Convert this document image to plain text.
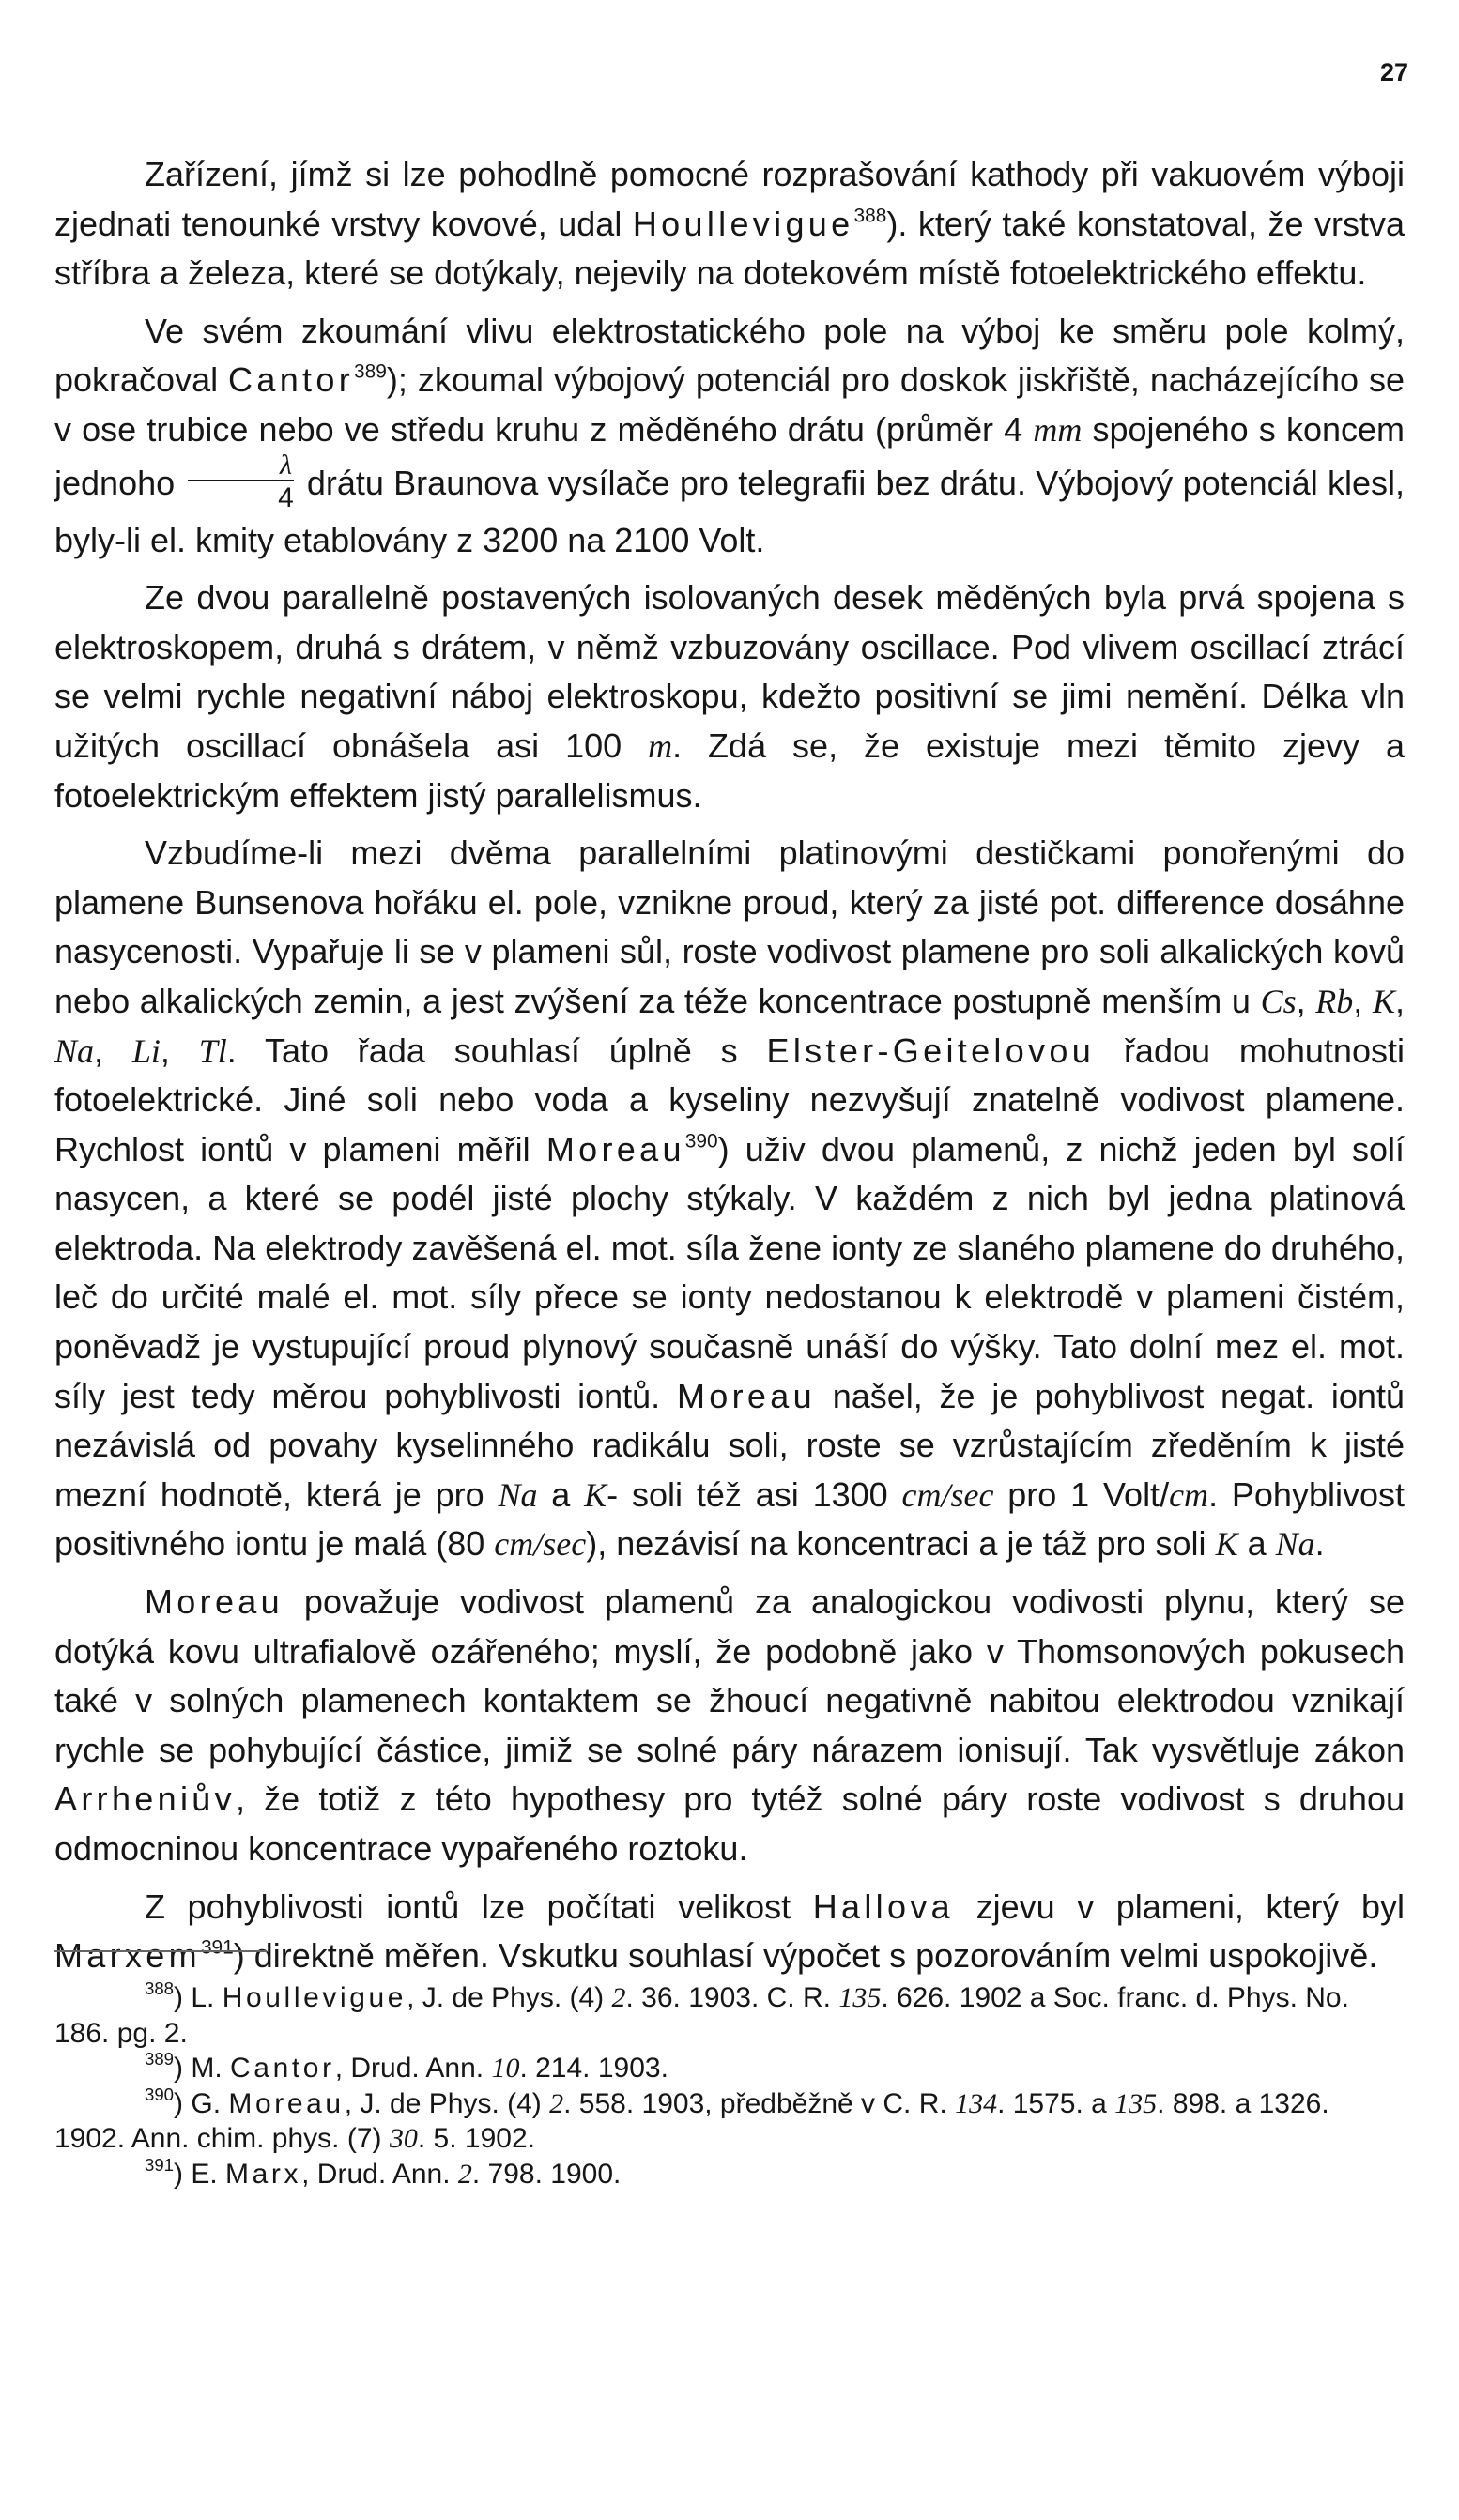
27

Zařízení, jímž si lze pohodlně pomocné rozprašování kathody při vakuovém výboji zjednati tenounké vrstvy kovové, udal Houllevigue$^{388}$). který také konstatoval, že vrstva stříbra a železa, které se dotýkaly, nejevily na dotekovém místě fotoelektrického effektu.

Ve svém zkoumání vlivu elektrostatického pole na výboj ke směru pole kolmý, pokračoval Cantor$^{389}$); zkoumal výbojový potenciál pro doskok jiskřiště, nacházejícího se v ose trubice nebo ve středu kruhu z měděného drátu (průměr 4 mm spojeného s koncem jednoho $\frac{\lambda}{4}$ drátu Braunova vysílače pro telegrafii bez drátu. Výbojový potenciál klesl, byly-li el. kmity etablovány z 3200 na 2100 Volt.

Ze dvou parallelně postavených isolovaných desek měděných byla prvá spojena s elektroskopem, druhá s drátem, v němž vzbuzovány oscillace. Pod vlivem oscillací ztrácí se velmi rychle negativní náboj elektroskopu, kdežto positivní se jimi nemění. Délka vln užitých oscillací obnášela asi 100 m. Zdá se, že existuje mezi těmito zjevy a fotoelektrickým effektem jistý parallelismus.

Vzbudíme-li mezi dvěma parallelními platinovými destičkami ponořenými do plamene Bunsenova hořáku el. pole, vznikne proud, který za jisté pot. difference dosáhne nasycenosti. Vypařuje li se v plameni sůl, roste vodivost plamene pro soli alkalických kovů nebo alkalických zemin, a jest zvýšení za téže koncentrace postupně menším u Cs, Rb, K, Na, Li, Tl. Tato řada souhlasí úplně s Elster-Geitelovou řadou mohutnosti fotoelektrické. Jiné soli nebo voda a kyseliny nezvyšují znatelně vodivost plamene. Rychlost iontů v plameni měřil Moreau$^{390}$) uživ dvou plamenů, z nichž jeden byl solí nasycen, a které se podél jisté plochy stýkaly. V každém z nich byl jedna platinová elektroda. Na elektrody zavěšená el. mot. síla žene ionty ze slaného plamene do druhého, leč do určité malé el. mot. síly přece se ionty nedostanou k elektrodě v plameni čistém, poněvadž je vystupující proud plynový současně unáší do výšky. Tato dolní mez el. mot. síly jest tedy měrou pohyblivosti iontů. Moreau našel, že je pohyblivost negat. iontů nezávislá od povahy kyselinného radikálu soli, roste se vzrůstajícím zředěním k jisté mezní hodnotě, která je pro Na a K- soli též asi 1300 cm/sec pro 1 Volt/cm. Pohyblivost positivného iontu je malá (80 cm/sec), nezávisí na koncentraci a je táž pro soli K a Na.

Moreau považuje vodivost plamenů za analogickou vodivosti plynu, který se dotýká kovu ultrafialově ozářeného; myslí, že podobně jako v Thomsonových pokusech také v solných plamenech kontaktem se žhoucí negativně nabitou elektrodou vznikají rychle se pohybující částice, jimiž se solné páry nárazem ionisují. Tak vysvětluje zákon Arrheniův, že totiž z této hypothesy pro tytéž solné páry roste vodivost s druhou odmocninou koncentrace vypařeného roztoku.

Z pohyblivosti iontů lze počítati velikost Hallova zjevu v plameni, který byl Marxem$^{391}$) direktně měřen. Vskutku souhlasí výpočet s pozorováním velmi uspokojivě.

$^{388}$) L. Houllevigue, J. de Phys. (4) 2. 36. 1903. C. R. 135. 626. 1902 a Soc. franc. d. Phys. No. 186. pg. 2.

$^{389}$) M. Cantor, Drud. Ann. 10. 214. 1903.

$^{390}$) G. Moreau, J. de Phys. (4) 2. 558. 1903, předběžně v C. R. 134. 1575. a 135. 898. a 1326. 1902. Ann. chim. phys. (7) 30. 5. 1902.

$^{391}$) E. Marx, Drud. Ann. 2. 798. 1900.
